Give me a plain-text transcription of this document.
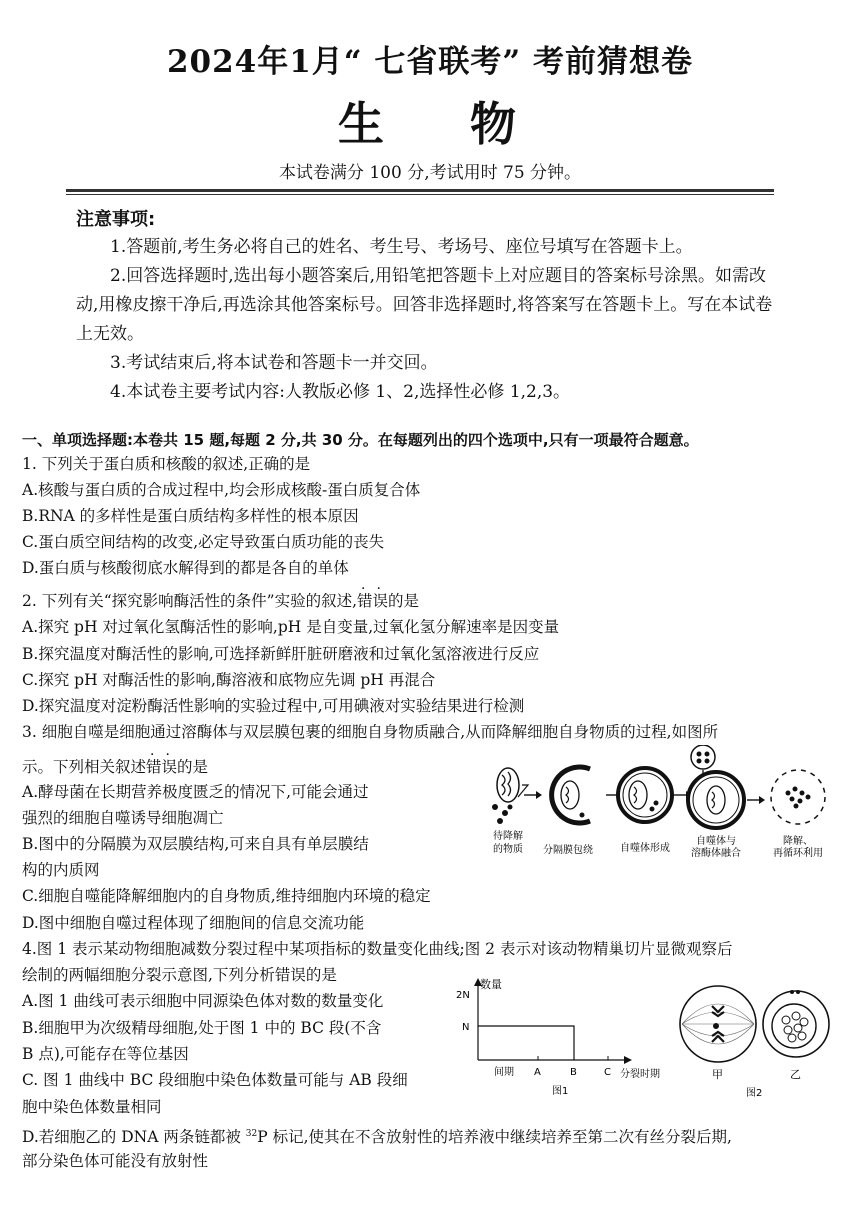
2024年1月“ 七省联考” 考前猜想卷
生 物
本试卷满分 100 分,考试用时 75 分钟。
注意事项:
1.答题前,考生务必将自己的姓名、考生号、考场号、座位号填写在答题卡上。
2.回答选择题时,选出每小题答案后,用铅笔把答题卡上对应题目的答案标号涂黑。如需改动,用橡皮擦干净后,再选涂其他答案标号。回答非选择题时,将答案写在答题卡上。写在本试卷上无效。
3.考试结束后,将本试卷和答题卡一并交回。
4.本试卷主要考试内容:人教版必修 1、2,选择性必修 1,2,3。
一、单项选择题:本卷共 15 题,每题 2 分,共 30 分。在每题列出的四个选项中,只有一项最符合题意。
1. 下列关于蛋白质和核酸的叙述,正确的是
A.核酸与蛋白质的合成过程中,均会形成核酸-蛋白质复合体
B.RNA 的多样性是蛋白质结构多样性的根本原因
C.蛋白质空间结构的改变,必定导致蛋白质功能的丧失
D.蛋白质与核酸彻底水解得到的都是各自的单体
2. 下列有关“探究影响酶活性的条件”实验的叙述,错误的是
A.探究 pH 对过氧化氢酶活性的影响,pH 是自变量,过氧化氢分解速率是因变量
B.探究温度对酶活性的影响,可选择新鲜肝脏研磨液和过氧化氢溶液进行反应
C.探究 pH 对酶活性的影响,酶溶液和底物应先调 pH 再混合
D.探究温度对淀粉酶活性影响的实验过程中,可用碘液对实验结果进行检测
3. 细胞自噬是细胞通过溶酶体与双层膜包裹的细胞自身物质融合,从而降解细胞自身物质的过程,如图所
示。下列相关叙述错误的是
A.酵母菌在长期营养极度匮乏的情况下,可能会通过
强烈的细胞自噬诱导细胞凋亡
B.图中的分隔膜为双层膜结构,可来自具有单层膜结
构的内质网
C.细胞自噬能降解细胞内的自身物质,维持细胞内环境的稳定
D.图中细胞自噬过程体现了细胞间的信息交流功能
待降解
的物质 分隔膜包绕	自噬体形成
自噬体与
溶酶体融合
降解、
再循环利用
4.图 1 表示某动物细胞减数分裂过程中某项指标的数量变化曲线;图 2 表示对该动物精巢切片显微观察后
绘制的两幅细胞分裂示意图,下列分析错误的是
A.图 1 曲线可表示细胞中同源染色体对数的数量变化
B.细胞甲为次级精母细胞,处于图 1 中的 BC 段(不含
B 点),可能存在等位基因
C. 图 1 曲线中 BC 段细胞中染色体数量可能与 AB 段细
胞中染色体数量相同
D.若细胞乙的 DNA 两条链都被 $^{32}$P 标记,使其在不含放射性的培养液中继续培养至第二次有丝分裂后期,
部分染色体可能没有放射性
数量
2N
N
间期 A	B	C 分裂时期
图1
甲	乙
图2
